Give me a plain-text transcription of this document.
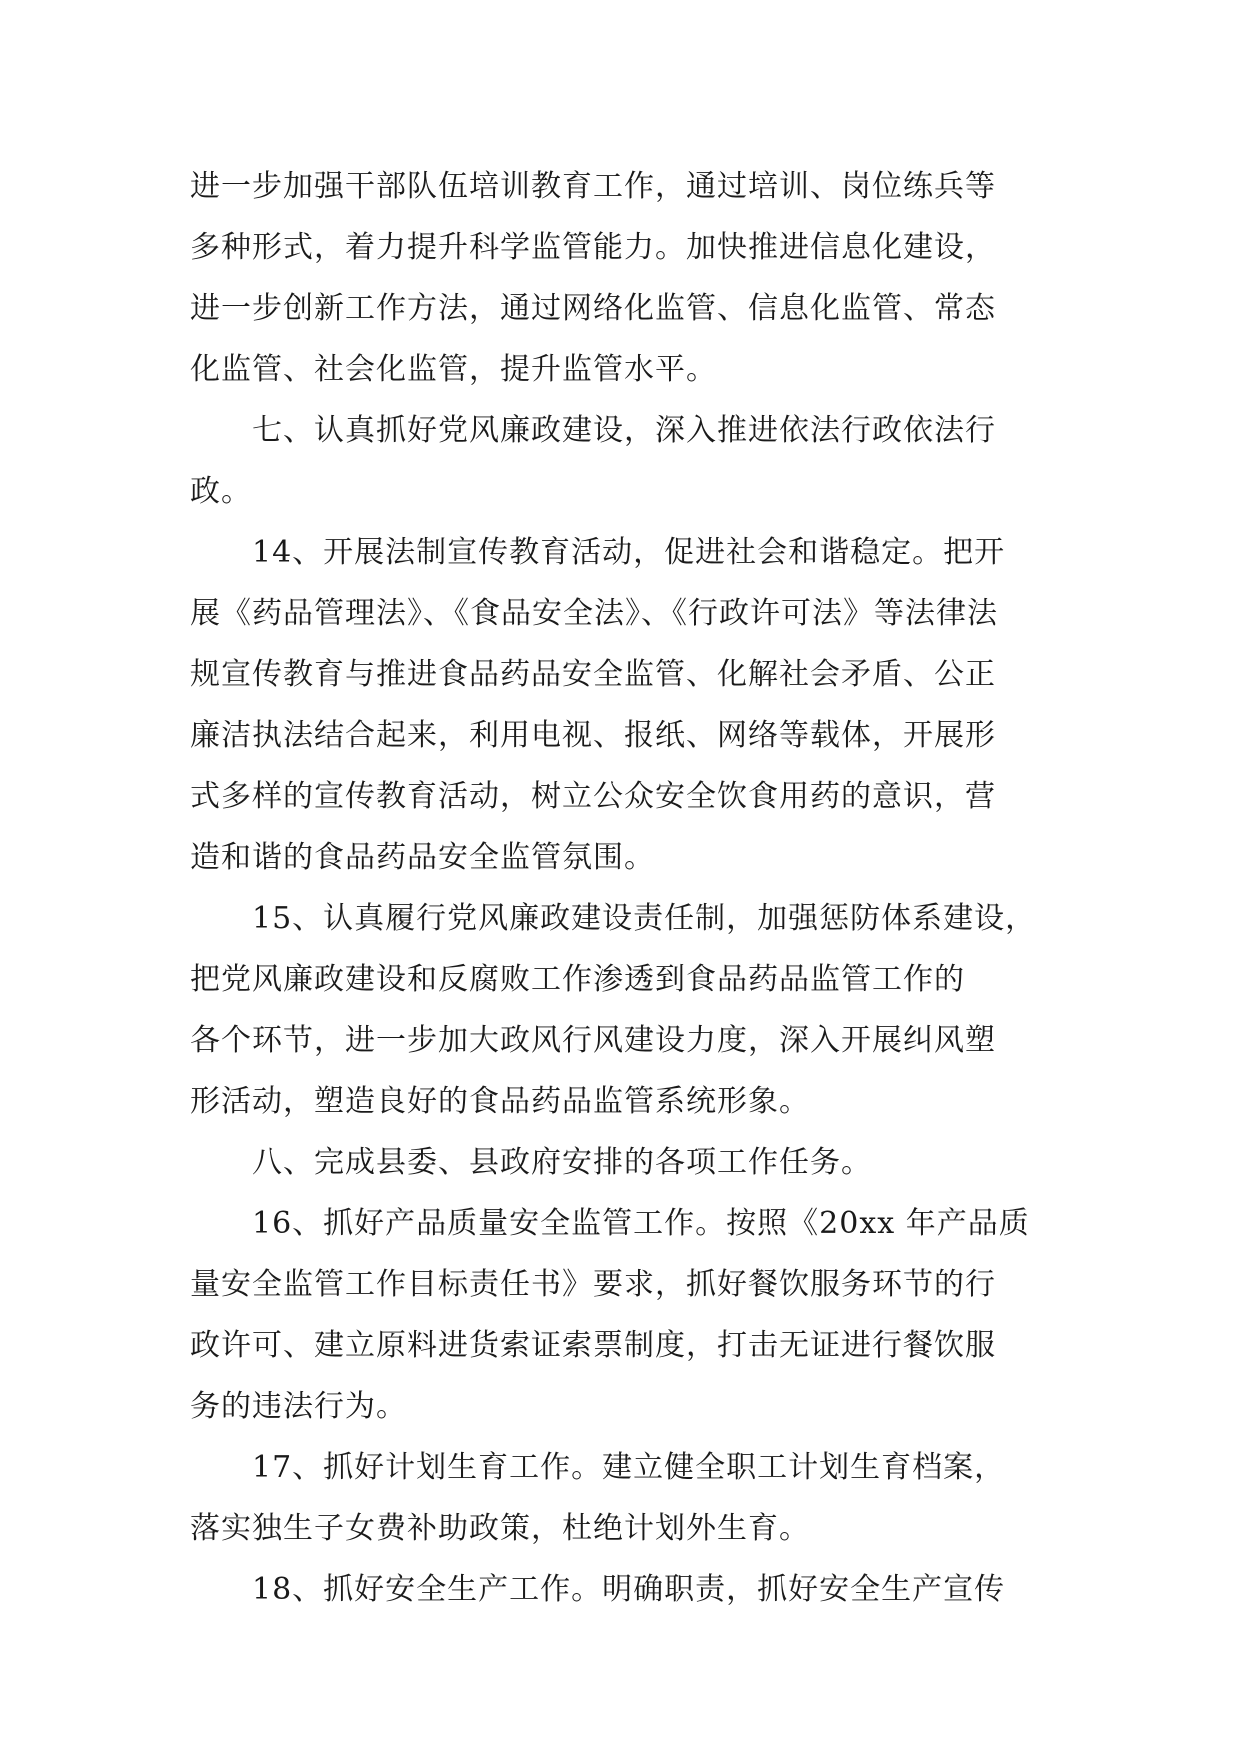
进一步加强干部队伍培训教育工作，通过培训、岗位练兵等
多种形式，着力提升科学监管能力。加快推进信息化建设，
进一步创新工作方法，通过网络化监管、信息化监管、常态
化监管、社会化监管，提升监管水平。
七、认真抓好党风廉政建设，深入推进依法行政依法行
政。
14、开展法制宣传教育活动，促进社会和谐稳定。把开
展《药品管理法》、《食品安全法》、《行政许可法》等法律法
规宣传教育与推进食品药品安全监管、化解社会矛盾、公正
廉洁执法结合起来，利用电视、报纸、网络等载体，开展形
式多样的宣传教育活动，树立公众安全饮食用药的意识，营
造和谐的食品药品安全监管氛围。
15、认真履行党风廉政建设责任制，加强惩防体系建设，
把党风廉政建设和反腐败工作渗透到食品药品监管工作的
各个环节，进一步加大政风行风建设力度，深入开展纠风塑
形活动，塑造良好的食品药品监管系统形象。
八、完成县委、县政府安排的各项工作任务。
16、抓好产品质量安全监管工作。按照《20xx 年产品质
量安全监管工作目标责任书》要求，抓好餐饮服务环节的行
政许可、建立原料进货索证索票制度，打击无证进行餐饮服
务的违法行为。
17、抓好计划生育工作。建立健全职工计划生育档案，
落实独生子女费补助政策，杜绝计划外生育。
18、抓好安全生产工作。明确职责，抓好安全生产宣传
